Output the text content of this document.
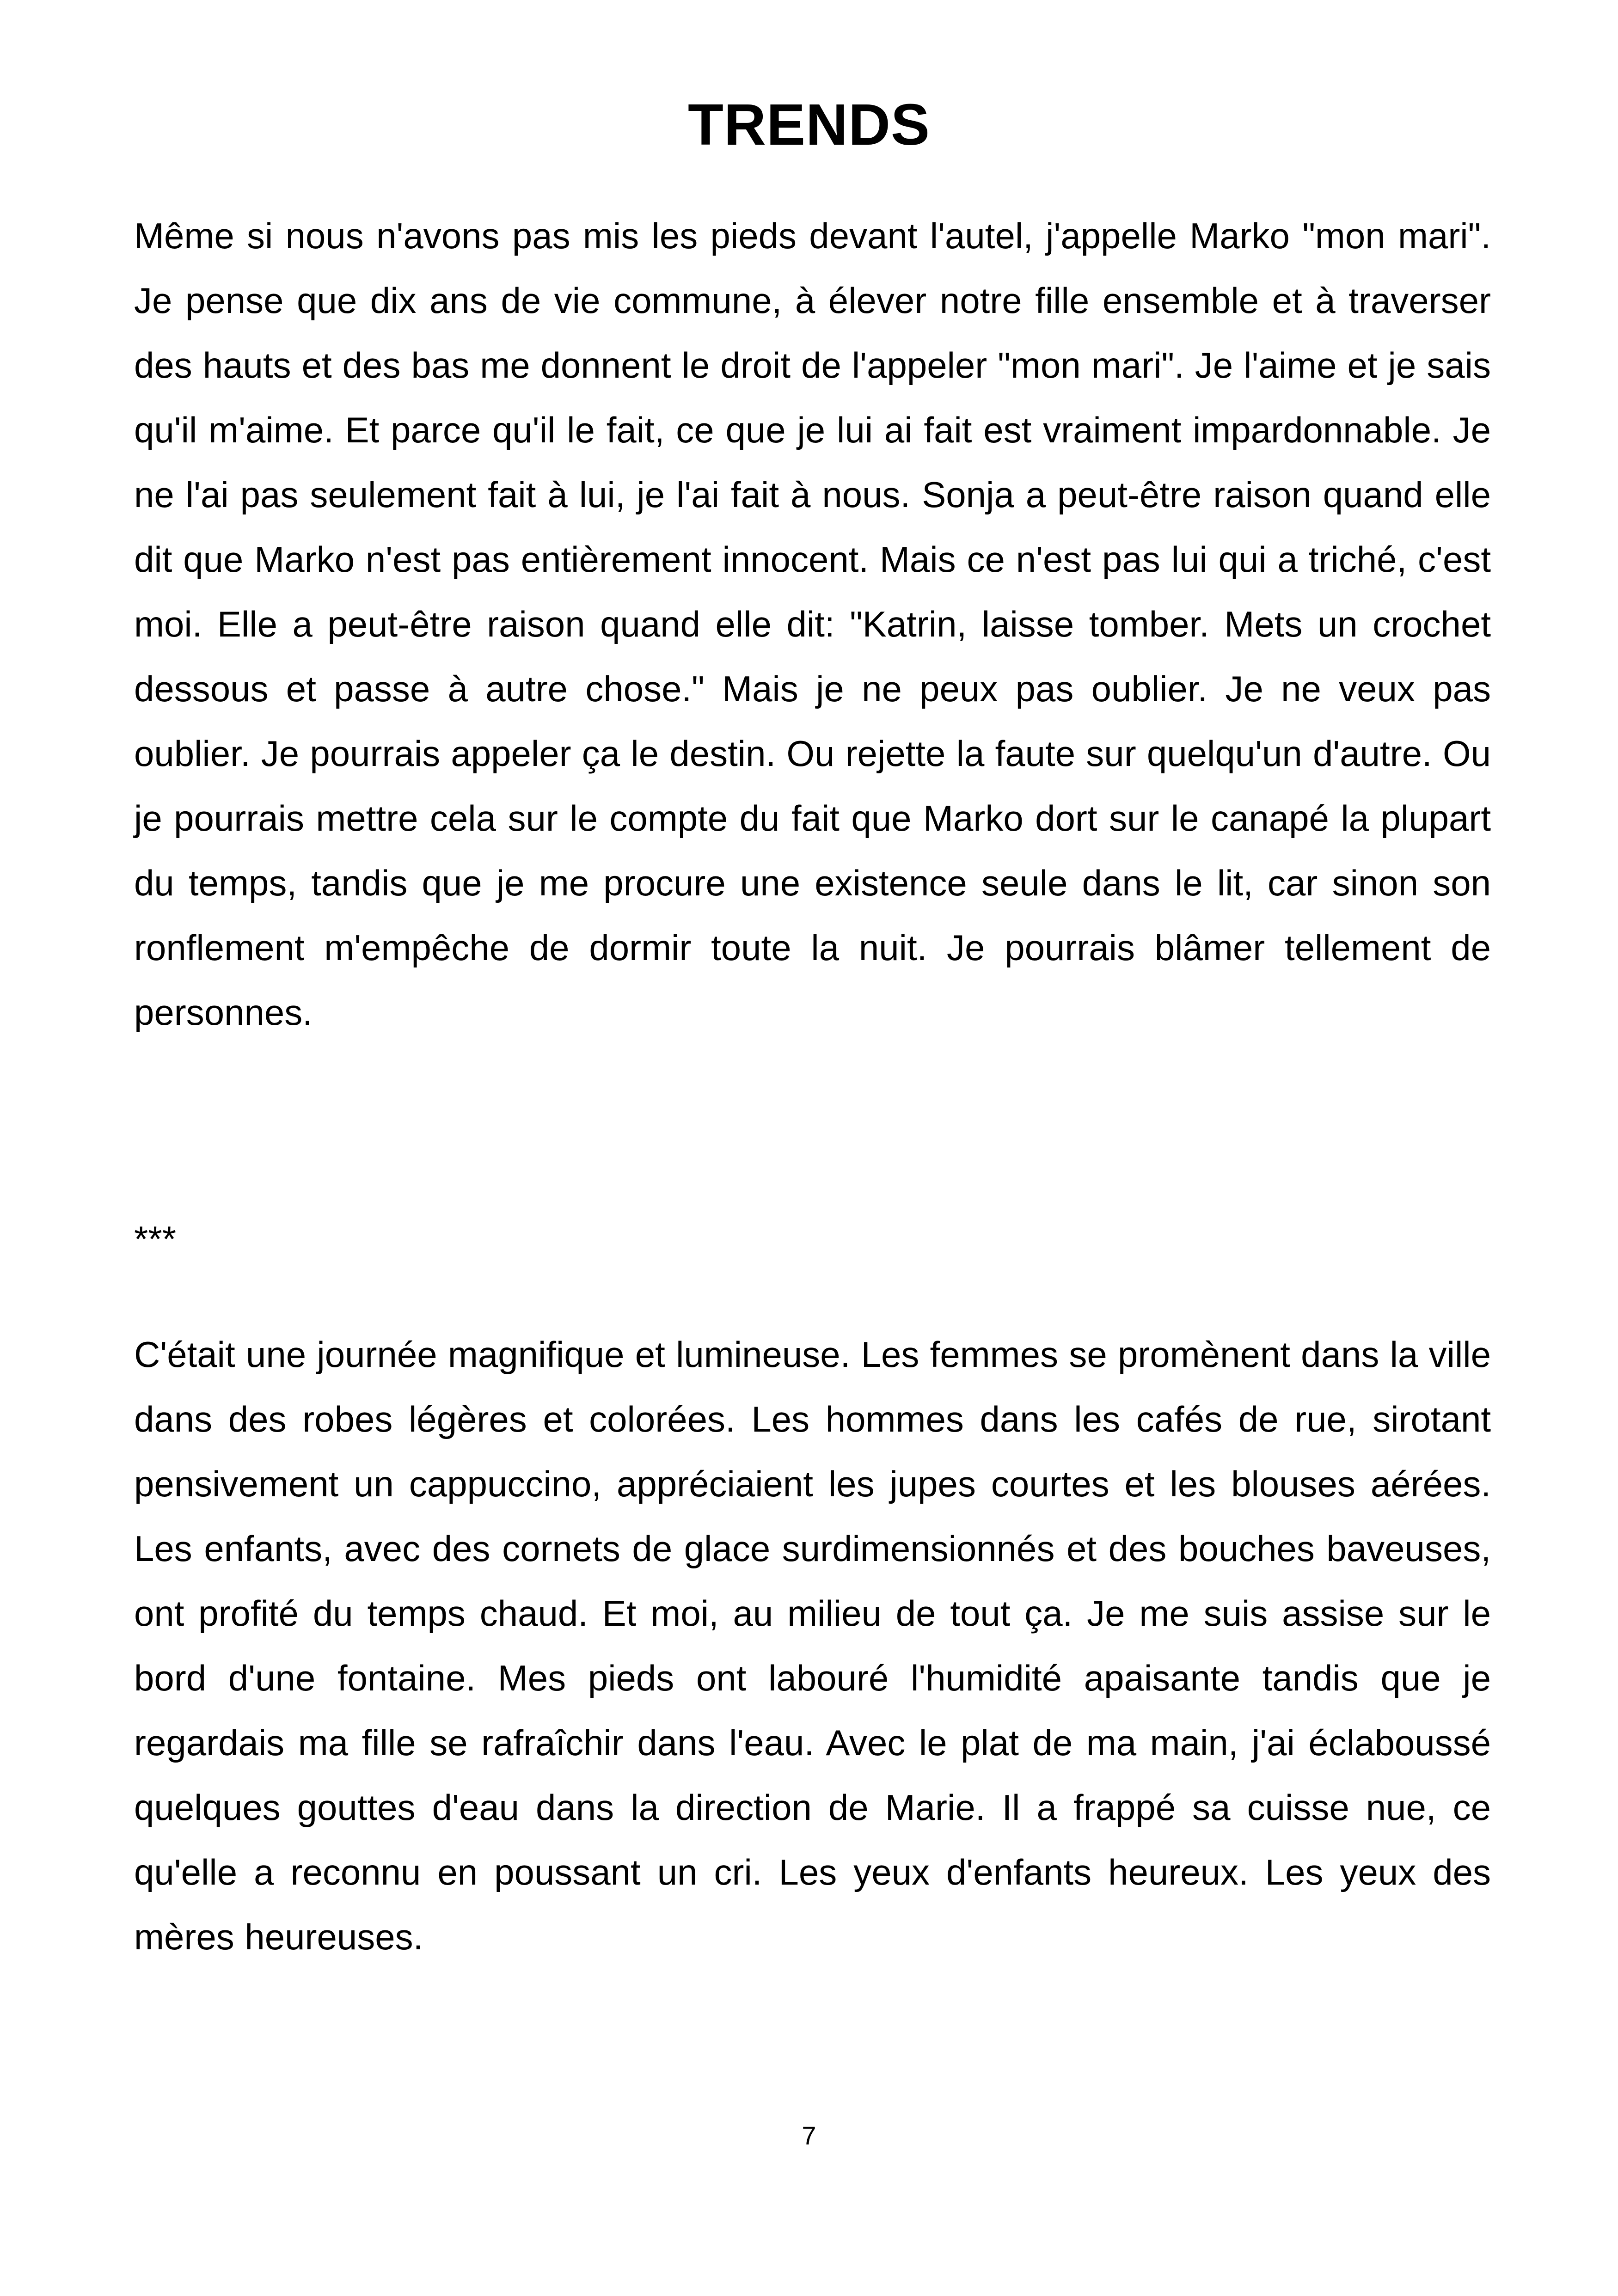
TRENDS

Même si nous n'avons pas mis les pieds devant l'autel, j'appelle Marko "mon mari". Je pense que dix ans de vie commune, à élever notre fille ensemble et à traverser des hauts et des bas me donnent le droit de l'appeler "mon mari". Je l'aime et je sais qu'il m'aime. Et parce qu'il le fait, ce que je lui ai fait est vraiment impardonnable. Je ne l'ai pas seulement fait à lui, je l'ai fait à nous. Sonja a peut-être raison quand elle dit que Marko n'est pas entièrement innocent. Mais ce n'est pas lui qui a triché, c'est moi. Elle a peut-être raison quand elle dit: "Katrin, laisse tomber. Mets un crochet dessous et passe à autre chose." Mais je ne peux pas oublier. Je ne veux pas oublier. Je pourrais appeler ça le destin. Ou rejette la faute sur quelqu'un d'autre. Ou je pourrais mettre cela sur le compte du fait que Marko dort sur le canapé la plupart du temps, tandis que je me procure une existence seule dans le lit, car sinon son ronflement m'empêche de dormir toute la nuit. Je pourrais blâmer tellement de personnes.

***

C'était une journée magnifique et lumineuse. Les femmes se promènent dans la ville dans des robes légères et colorées. Les hommes dans les cafés de rue, sirotant pensivement un cappuccino, appréciaient les jupes courtes et les blouses aérées. Les enfants, avec des cornets de glace surdimensionnés et des bouches baveuses, ont profité du temps chaud. Et moi, au milieu de tout ça. Je me suis assise sur le bord d'une fontaine. Mes pieds ont labouré l'humidité apaisante tandis que je regardais ma fille se rafraîchir dans l'eau. Avec le plat de ma main, j'ai éclaboussé quelques gouttes d'eau dans la direction de Marie. Il a frappé sa cuisse nue, ce qu'elle a reconnu en poussant un cri. Les yeux d'enfants heureux. Les yeux des mères heureuses.

7
